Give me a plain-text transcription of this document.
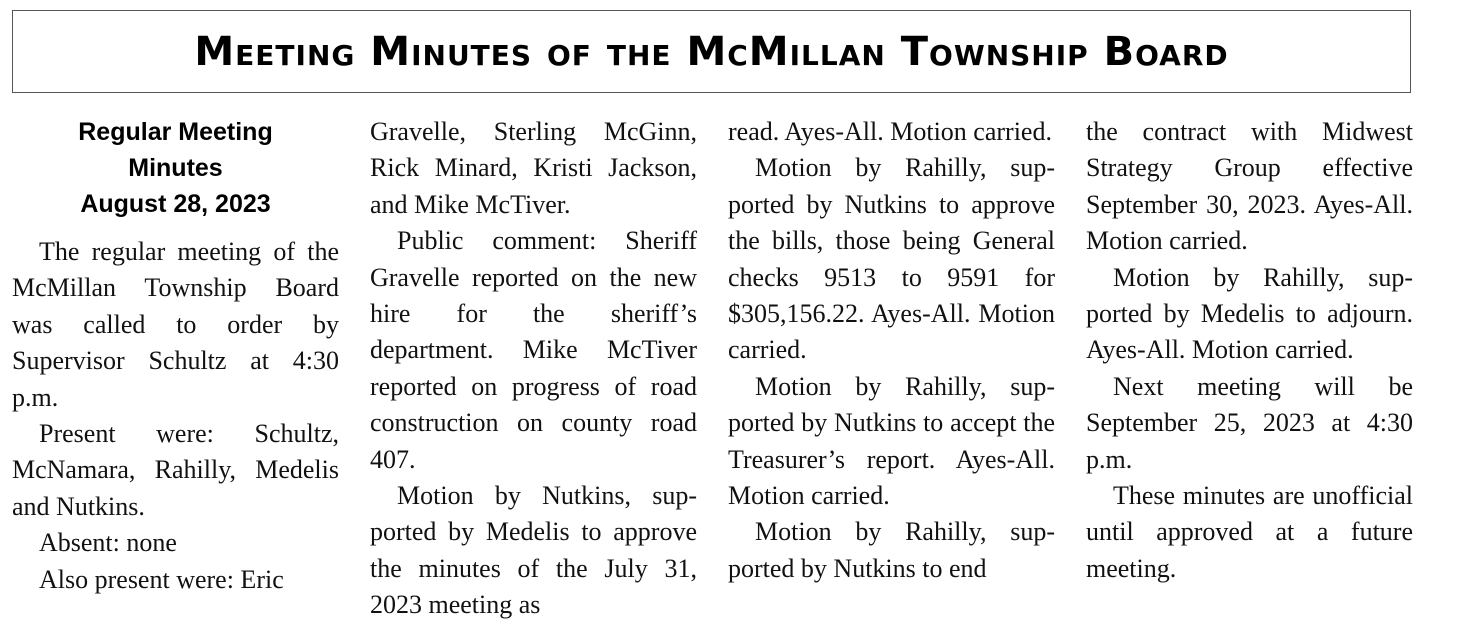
Meeting Minutes of the McMillan Township Board
Regular Meeting
Minutes
August 28, 2023

The regular meeting of the McMillan Township Board was called to order by Supervisor Schultz at 4:30 p.m.

Present were: Schultz, McNamara, Rahilly, Medelis and Nutkins.

Absent: none

Also present were: Eric

Gravelle, Sterling McGinn, Rick Minard, Kristi Jackson, and Mike McTiver.

Public comment: Sheriff Gravelle reported on the new hire for the sheriff’s department. Mike McTiver reported on progress of road construction on county road 407.

Motion by Nutkins, supported by Medelis to approve the minutes of the July 31, 2023 meeting as

read. Ayes-All. Motion carried.

Motion by Rahilly, supported by Nutkins to approve the bills, those being General checks 9513 to 9591 for $305,156.22. Ayes-All. Motion carried.

Motion by Rahilly, supported by Nutkins to accept the Treasurer’s report. Ayes-All. Motion carried.

Motion by Rahilly, supported by Nutkins to end

the contract with Midwest Strategy Group effective September 30, 2023. Ayes-All. Motion carried.

Motion by Rahilly, supported by Medelis to adjourn. Ayes-All. Motion carried.

Next meeting will be September 25, 2023 at 4:30 p.m.

These minutes are unofficial until approved at a future meeting.
